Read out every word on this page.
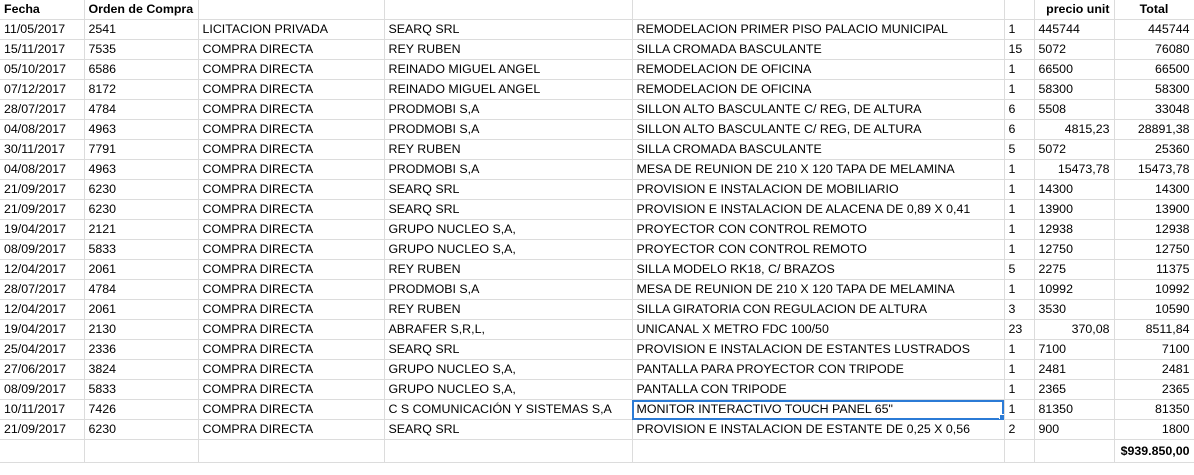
Fecha	Orden de Compra					precio unit	Total
11/05/2017	2541	LICITACION PRIVADA	SEARQ SRL	REMODELACION PRIMER PISO PALACIO MUNICIPAL	1	445744	445744
15/11/2017	7535	COMPRA DIRECTA	REY RUBEN	SILLA CROMADA BASCULANTE	15	5072	76080
05/10/2017	6586	COMPRA DIRECTA	REINADO MIGUEL ANGEL	REMODELACION DE OFICINA	1	66500	66500
07/12/2017	8172	COMPRA DIRECTA	REINADO MIGUEL ANGEL	REMODELACION DE OFICINA	1	58300	58300
28/07/2017	4784	COMPRA DIRECTA	PRODMOBI S,A	SILLON ALTO BASCULANTE C/ REG, DE ALTURA	6	5508	33048
04/08/2017	4963	COMPRA DIRECTA	PRODMOBI S,A	SILLON ALTO BASCULANTE C/ REG, DE ALTURA	6	4815,23	28891,38
30/11/2017	7791	COMPRA DIRECTA	REY RUBEN	SILLA CROMADA BASCULANTE	5	5072	25360
04/08/2017	4963	COMPRA DIRECTA	PRODMOBI S,A	MESA DE REUNION DE 210 X 120 TAPA DE MELAMINA	1	15473,78	15473,78
21/09/2017	6230	COMPRA DIRECTA	SEARQ SRL	PROVISION E INSTALACION DE MOBILIARIO	1	14300	14300
21/09/2017	6230	COMPRA DIRECTA	SEARQ SRL	PROVISION E INSTALACION DE ALACENA DE 0,89 X 0,41	1	13900	13900
19/04/2017	2121	COMPRA DIRECTA	GRUPO NUCLEO S,A,	PROYECTOR CON CONTROL REMOTO	1	12938	12938
08/09/2017	5833	COMPRA DIRECTA	GRUPO NUCLEO S,A,	PROYECTOR CON CONTROL REMOTO	1	12750	12750
12/04/2017	2061	COMPRA DIRECTA	REY RUBEN	SILLA MODELO RK18, C/ BRAZOS	5	2275	11375
28/07/2017	4784	COMPRA DIRECTA	PRODMOBI S,A	MESA DE REUNION DE 210 X 120 TAPA DE MELAMINA	1	10992	10992
12/04/2017	2061	COMPRA DIRECTA	REY RUBEN	SILLA GIRATORIA CON REGULACION DE ALTURA	3	3530	10590
19/04/2017	2130	COMPRA DIRECTA	ABRAFER S,R,L,	UNICANAL X METRO FDC 100/50	23	370,08	8511,84
25/04/2017	2336	COMPRA DIRECTA	SEARQ SRL	PROVISION E INSTALACION DE ESTANTES LUSTRADOS	1	7100	7100
27/06/2017	3824	COMPRA DIRECTA	GRUPO NUCLEO S,A,	PANTALLA PARA PROYECTOR CON TRIPODE	1	2481	2481
08/09/2017	5833	COMPRA DIRECTA	GRUPO NUCLEO S,A,	PANTALLA CON TRIPODE	1	2365	2365
10/11/2017	7426	COMPRA DIRECTA	C S COMUNICACIÓN Y SISTEMAS S,A	MONITOR INTERACTIVO TOUCH PANEL 65"	1	81350	81350
21/09/2017	6230	COMPRA DIRECTA	SEARQ SRL	PROVISION E INSTALACION DE ESTANTE DE 0,25 X 0,56	2	900	1800
							$939.850,00
